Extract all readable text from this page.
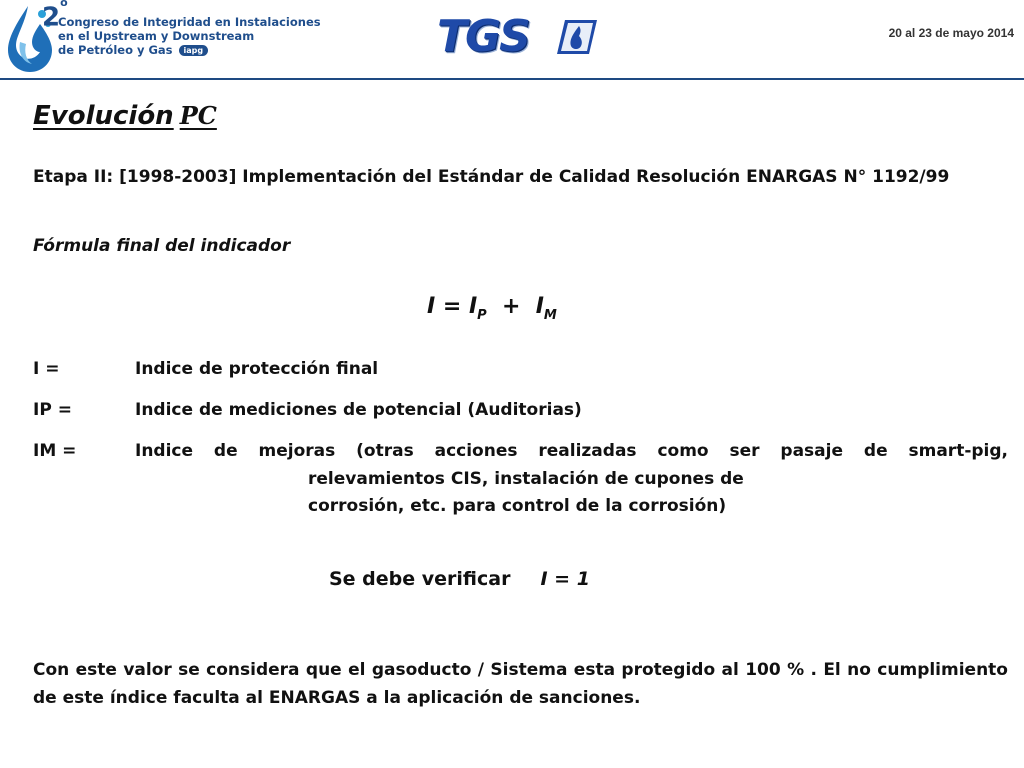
2$^o$
Congreso de Integridad en Instalaciones
en el Upstream y Downstream
de Petróleo y Gas iapg	TGS	20 al 23 de mayo 2014
Evolución PC
Etapa II: [1998-2003] Implementación del Estándar de Calidad Resolución ENARGAS N° 1192/99
Fórmula final del indicador
$I = I_P + I_M$
I =	Indice de protección final
IP =	Indice de mediciones de potencial (Auditorias)
IM =	Indice de mejoras (otras acciones realizadas como ser pasaje de smart-pig,
relevamientos CIS, instalación de cupones de
corrosión, etc. para control de la corrosión)
Se debe verificar I = 1
Con este valor se considera que el gasoducto / Sistema esta protegido al 100 % . El no cumplimiento de este índice faculta al ENARGAS a la aplicación de sanciones.
